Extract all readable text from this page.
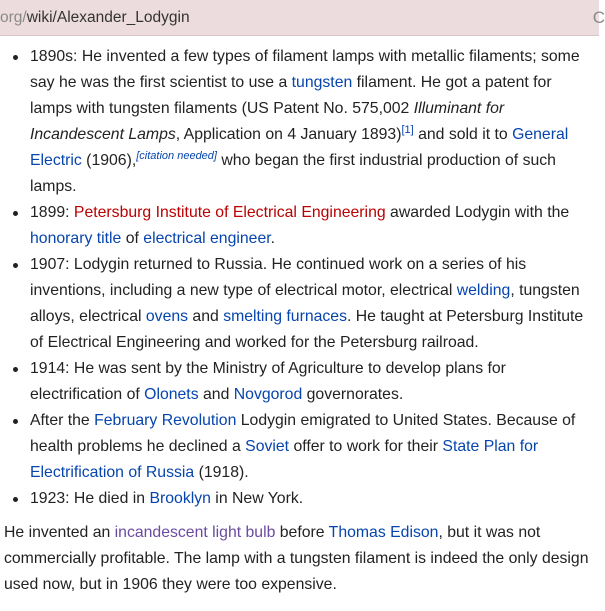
org/wiki/Alexander_Lodygin	C
1890s: He invented a few types of filament lamps with metallic filaments; some say he was the first scientist to use a tungsten filament. He got a patent for lamps with tungsten filaments (US Patent No. 575,002 Illuminant for Incandescent Lamps, Application on 4 January 1893)[1] and sold it to General Electric (1906),[citation needed] who began the first industrial production of such lamps.
1899: Petersburg Institute of Electrical Engineering awarded Lodygin with the honorary title of electrical engineer.
1907: Lodygin returned to Russia. He continued work on a series of his inventions, including a new type of electrical motor, electrical welding, tungsten alloys, electrical ovens and smelting furnaces. He taught at Petersburg Institute of Electrical Engineering and worked for the Petersburg railroad.
1914: He was sent by the Ministry of Agriculture to develop plans for electrification of Olonets and Novgorod governorates.
After the February Revolution Lodygin emigrated to United States. Because of health problems he declined a Soviet offer to work for their State Plan for Electrification of Russia (1918).
1923: He died in Brooklyn in New York.

He invented an incandescent light bulb before Thomas Edison, but it was not commercially profitable. The lamp with a tungsten filament is indeed the only design used now, but in 1906 they were too expensive.
